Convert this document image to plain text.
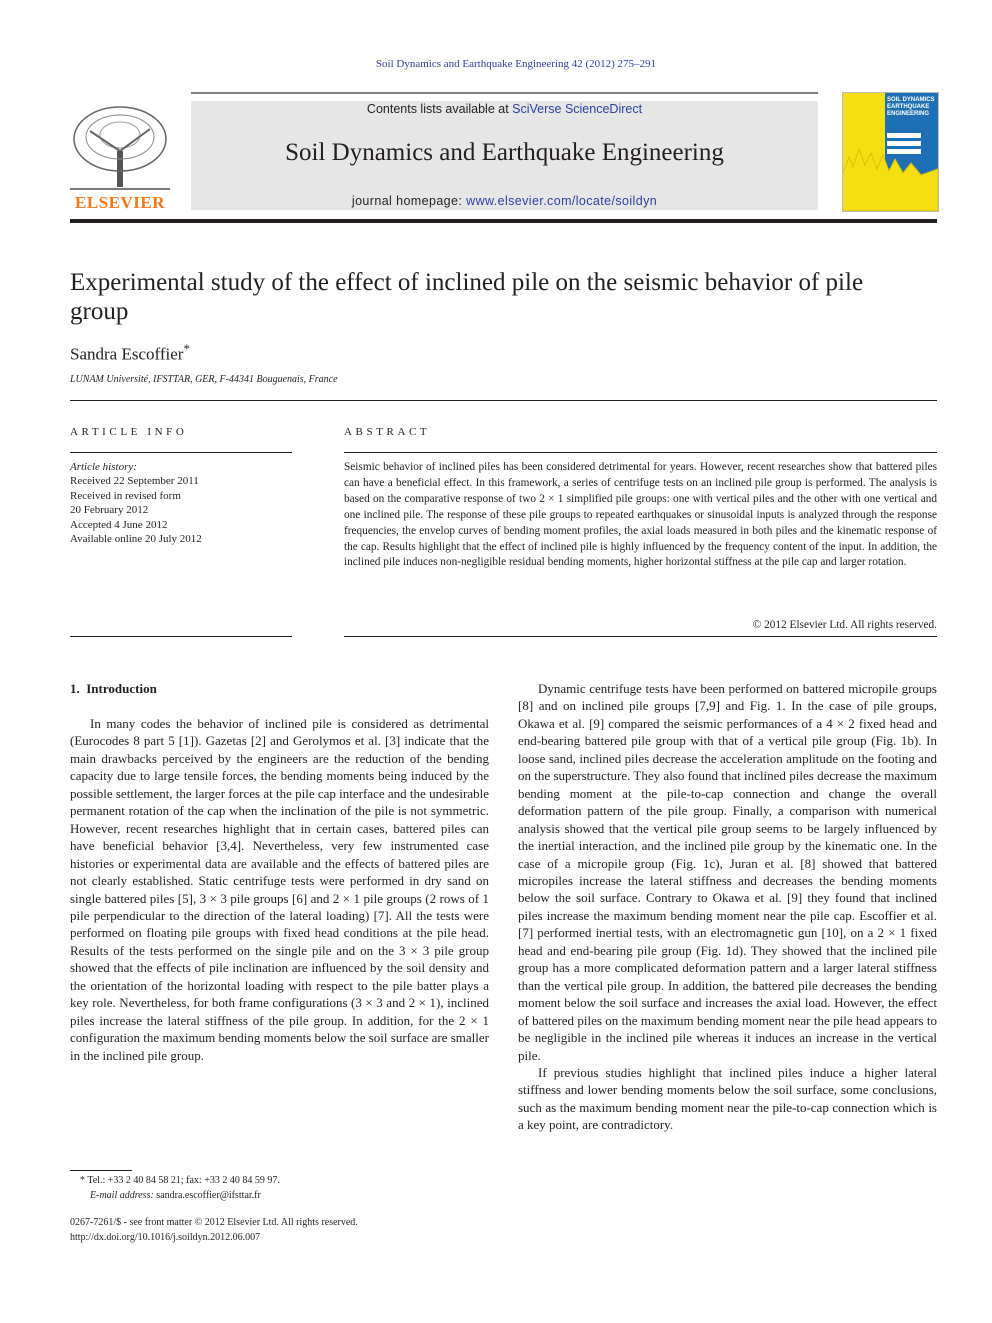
Soil Dynamics and Earthquake Engineering 42 (2012) 275–291
ELSEVIER
Contents lists available at SciVerse ScienceDirect
Soil Dynamics and Earthquake Engineering
journal homepage: www.elsevier.com/locate/soildyn
SOIL DYNAMICS EARTHQUAKE ENGINEERING
Experimental study of the effect of inclined pile on the seismic behavior of pile group
Sandra Escoffier*
LUNAM Université, IFSTTAR, GER, F-44341 Bouguenais, France
ARTICLE INFO
Article history:
Received 22 September 2011
Received in revised form
20 February 2012
Accepted 4 June 2012
Available online 20 July 2012
ABSTRACT
Seismic behavior of inclined piles has been considered detrimental for years. However, recent researches show that battered piles can have a beneficial effect. In this framework, a series of centrifuge tests on an inclined pile group is performed. The analysis is based on the comparative response of two 2 × 1 simplified pile groups: one with vertical piles and the other with one vertical and one inclined pile. The response of these pile groups to repeated earthquakes or sinusoidal inputs is analyzed through the response frequencies, the envelop curves of bending moment profiles, the axial loads measured in both piles and the kinematic response of the cap. Results highlight that the effect of inclined pile is highly influenced by the frequency content of the input. In addition, the inclined pile induces non-negligible residual bending moments, higher horizontal stiffness at the pile cap and larger rotation.
© 2012 Elsevier Ltd. All rights reserved.
1.  Introduction

In many codes the behavior of inclined pile is considered as detrimental (Eurocodes 8 part 5 [1]). Gazetas [2] and Gerolymos et al. [3] indicate that the main drawbacks perceived by the engineers are the reduction of the bending capacity due to large tensile forces, the bending moments being induced by the possible settlement, the larger forces at the pile cap interface and the undesirable permanent rotation of the cap when the inclination of the pile is not symmetric. However, recent researches highlight that in certain cases, battered piles can have beneficial behavior [3,4]. Nevertheless, very few instrumented case histories or experimental data are available and the effects of battered piles are not clearly established. Static centrifuge tests were performed in dry sand on single battered piles [5], 3 × 3 pile groups [6] and 2 × 1 pile groups (2 rows of 1 pile perpendicular to the direction of the lateral loading) [7]. All the tests were performed on floating pile groups with fixed head conditions at the pile head. Results of the tests performed on the single pile and on the 3 × 3 pile group showed that the effects of pile inclination are influenced by the soil density and the orientation of the horizontal loading with respect to the pile batter plays a key role. Nevertheless, for both frame configurations (3 × 3 and 2 × 1), inclined piles increase the lateral stiffness of the pile group. In addition, for the 2 × 1 configuration the maximum bending moments below the soil surface are smaller in the inclined pile group.

Dynamic centrifuge tests have been performed on battered micropile groups [8] and on inclined pile groups [7,9] and Fig. 1. In the case of pile groups, Okawa et al. [9] compared the seismic performances of a 4 × 2 fixed head and end-bearing battered pile group with that of a vertical pile group (Fig. 1b). In loose sand, inclined piles decrease the acceleration amplitude on the footing and on the superstructure. They also found that inclined piles decrease the maximum bending moment at the pile-to-cap connection and change the overall deformation pattern of the pile group. Finally, a comparison with numerical analysis showed that the vertical pile group seems to be largely influenced by the inertial interaction, and the inclined pile group by the kinematic one. In the case of a micropile group (Fig. 1c), Juran et al. [8] showed that battered micropiles increase the lateral stiffness and decreases the bending moments below the soil surface. Contrary to Okawa et al. [9] they found that inclined piles increase the maximum bending moment near the pile cap. Escoffier et al. [7] performed inertial tests, with an electromagnetic gun [10], on a 2 × 1 fixed head and end-bearing pile group (Fig. 1d). They showed that the inclined pile group has a more complicated deformation pattern and a larger lateral stiffness than the vertical pile group. In addition, the battered pile decreases the bending moment below the soil surface and increases the axial load. However, the effect of battered piles on the maximum bending moment near the pile head appears to be negligible in the inclined pile whereas it induces an increase in the vertical pile.

If previous studies highlight that inclined piles induce a higher lateral stiffness and lower bending moments below the soil surface, some conclusions, such as the maximum bending moment near the pile-to-cap connection which is a key point, are contradictory.

* Tel.: +33 2 40 84 58 21; fax: +33 2 40 84 59 97.
E-mail address: sandra.escoffier@ifsttar.fr
0267-7261/$ - see front matter © 2012 Elsevier Ltd. All rights reserved.
http://dx.doi.org/10.1016/j.soildyn.2012.06.007
